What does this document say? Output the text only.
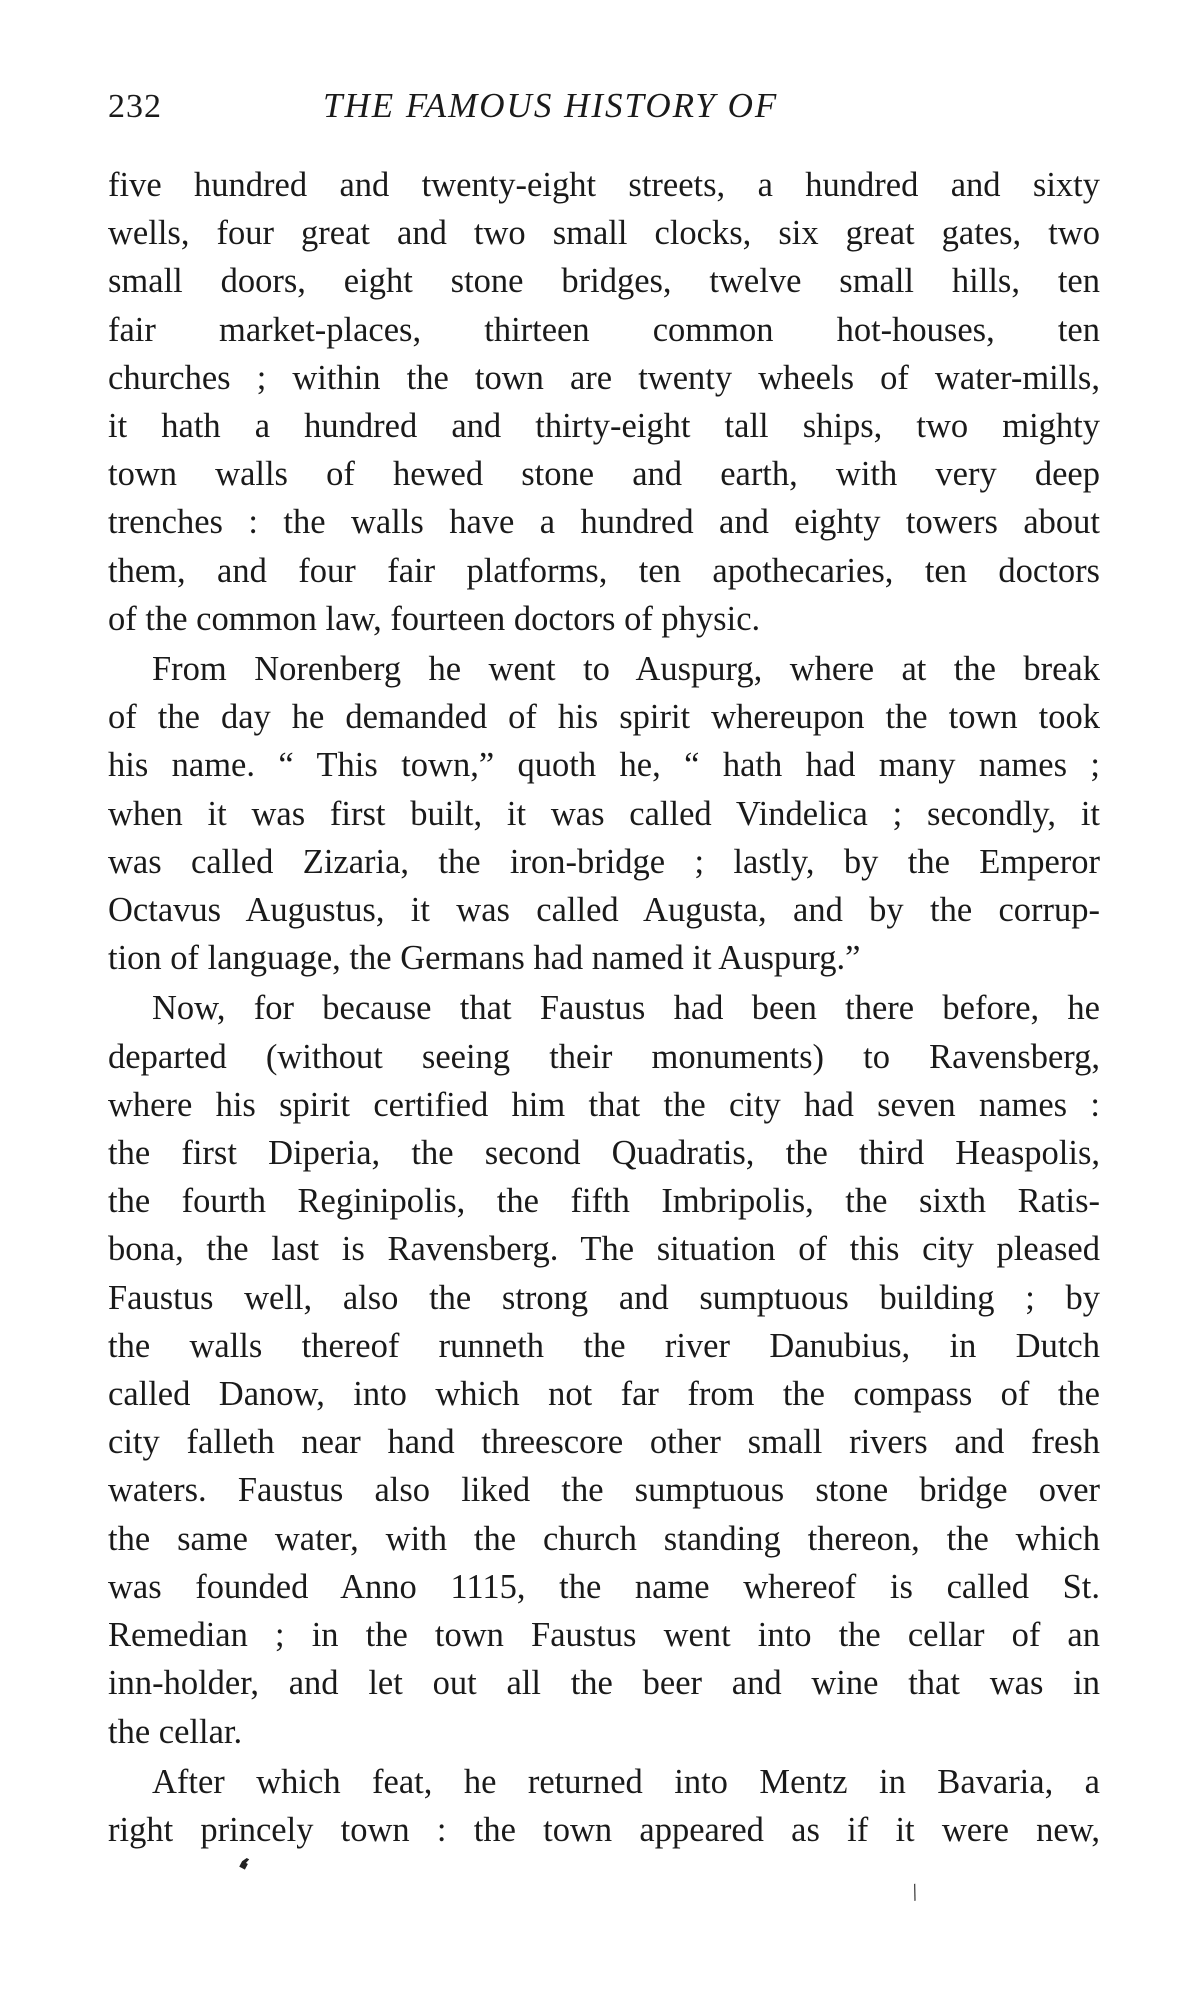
232	THE FAMOUS HISTORY OF

five hundred and twenty-eight streets, a hundred and sixty
wells, four great and two small clocks, six great gates, two
small doors, eight stone bridges, twelve small hills, ten
fair market-places, thirteen common hot-houses, ten
churches ; within the town are twenty wheels of water-mills,
it hath a hundred and thirty-eight tall ships, two mighty
town walls of hewed stone and earth, with very deep
trenches : the walls have a hundred and eighty towers about
them, and four fair platforms, ten apothecaries, ten doctors
of the common law, fourteen doctors of physic.

From Norenberg he went to Auspurg, where at the break
of the day he demanded of his spirit whereupon the town took
his name. “ This town,” quoth he, “ hath had many names ;
when it was first built, it was called Vindelica ; secondly, it
was called Zizaria, the iron-bridge ; lastly, by the Emperor
Octavus Augustus, it was called Augusta, and by the corrup-
tion of language, the Germans had named it Auspurg.”

Now, for because that Faustus had been there before, he
departed (without seeing their monuments) to Ravensberg,
where his spirit certified him that the city had seven names :
the first Diperia, the second Quadratis, the third Heaspolis,
the fourth Reginipolis, the fifth Imbripolis, the sixth Ratis-
bona, the last is Ravensberg. The situation of this city pleased
Faustus well, also the strong and sumptuous building ; by
the walls thereof runneth the river Danubius, in Dutch
called Danow, into which not far from the compass of the
city falleth near hand threescore other small rivers and fresh
waters. Faustus also liked the sumptuous stone bridge over
the same water, with the church standing thereon, the which
was founded Anno 1115, the name whereof is called St.
Remedian ; in the town Faustus went into the cellar of an
inn-holder, and let out all the beer and wine that was in
the cellar.

After which feat, he returned into Mentz in Bavaria, a
right princely town : the town appeared as if it were new,

❛
/
